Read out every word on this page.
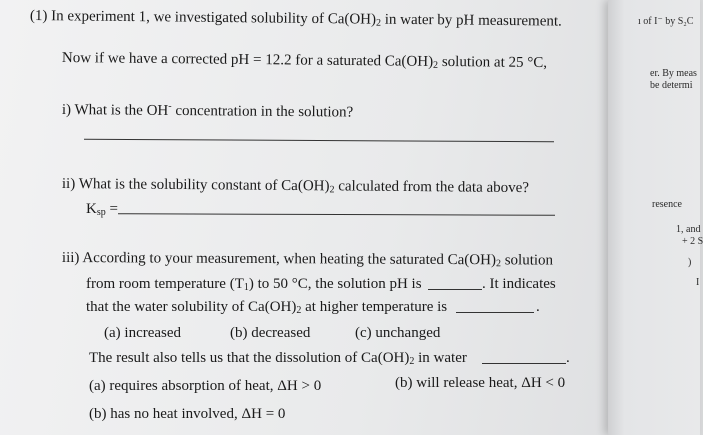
(1) In experiment 1, we investigated solubility of $Ca(OH)_2$ in water by pH measurement.
Now if we have a corrected pH = 12.2 for a saturated $Ca(OH)_2$ solution at 25 °C,
i) What is the OH- concentration in the solution?
ii) What is the solubility constant of $Ca(OH)_2$ calculated from the data above?
$K_{sp}$ =
iii) According to your measurement, when heating the saturated $Ca(OH)_2$ solution
from room temperature $(T_1)$ to 50 °C, the solution pH is	. It indicates
that the water solubility of $Ca(OH)_2$ at higher temperature is	.
(a) increased	(b) decreased	(c) unchanged
The result also tells us that the dissolution of $Ca(OH)_2$ in water	.
(a) requires absorption of heat, ΔH > 0	(b) will release heat, ΔH < 0
(b) has no heat involved, ΔH = 0
ı of I⁻ by S₂C
er. By meas
be determi
resence
1, and
+ 2 S
)
I
